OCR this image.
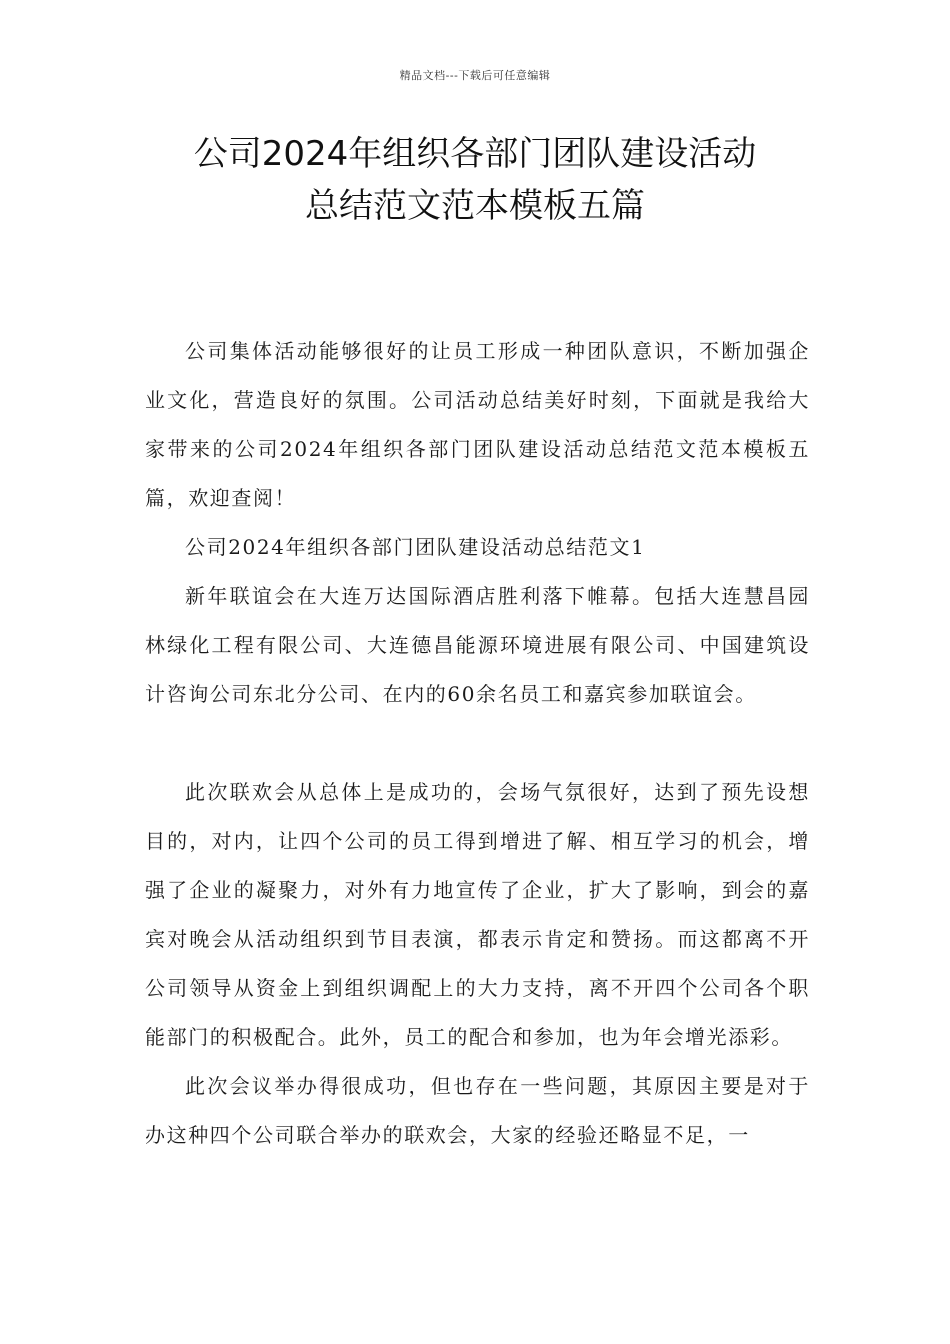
精品文档---下载后可任意编辑
公司2024年组织各部门团队建设活动
总结范文范本模板五篇

公司集体活动能够很好的让员工形成一种团队意识，不断加强企业文化，营造良好的氛围。公司活动总结美好时刻，下面就是我给大家带来的公司2024年组织各部门团队建设活动总结范文范本模板五篇，欢迎查阅！

公司2024年组织各部门团队建设活动总结范文1

新年联谊会在大连万达国际酒店胜利落下帷幕。包括大连慧昌园林绿化工程有限公司、大连德昌能源环境进展有限公司、中国建筑设计咨询公司东北分公司、在内的60余名员工和嘉宾参加联谊会。

此次联欢会从总体上是成功的，会场气氛很好，达到了预先设想目的，对内，让四个公司的员工得到增进了解、相互学习的机会，增强了企业的凝聚力，对外有力地宣传了企业，扩大了影响，到会的嘉宾对晚会从活动组织到节目表演，都表示肯定和赞扬。而这都离不开公司领导从资金上到组织调配上的大力支持，离不开四个公司各个职能部门的积极配合。此外，员工的配合和参加，也为年会增光添彩。

此次会议举办得很成功，但也存在一些问题，其原因主要是对于办这种四个公司联合举办的联欢会，大家的经验还略显不足，一
